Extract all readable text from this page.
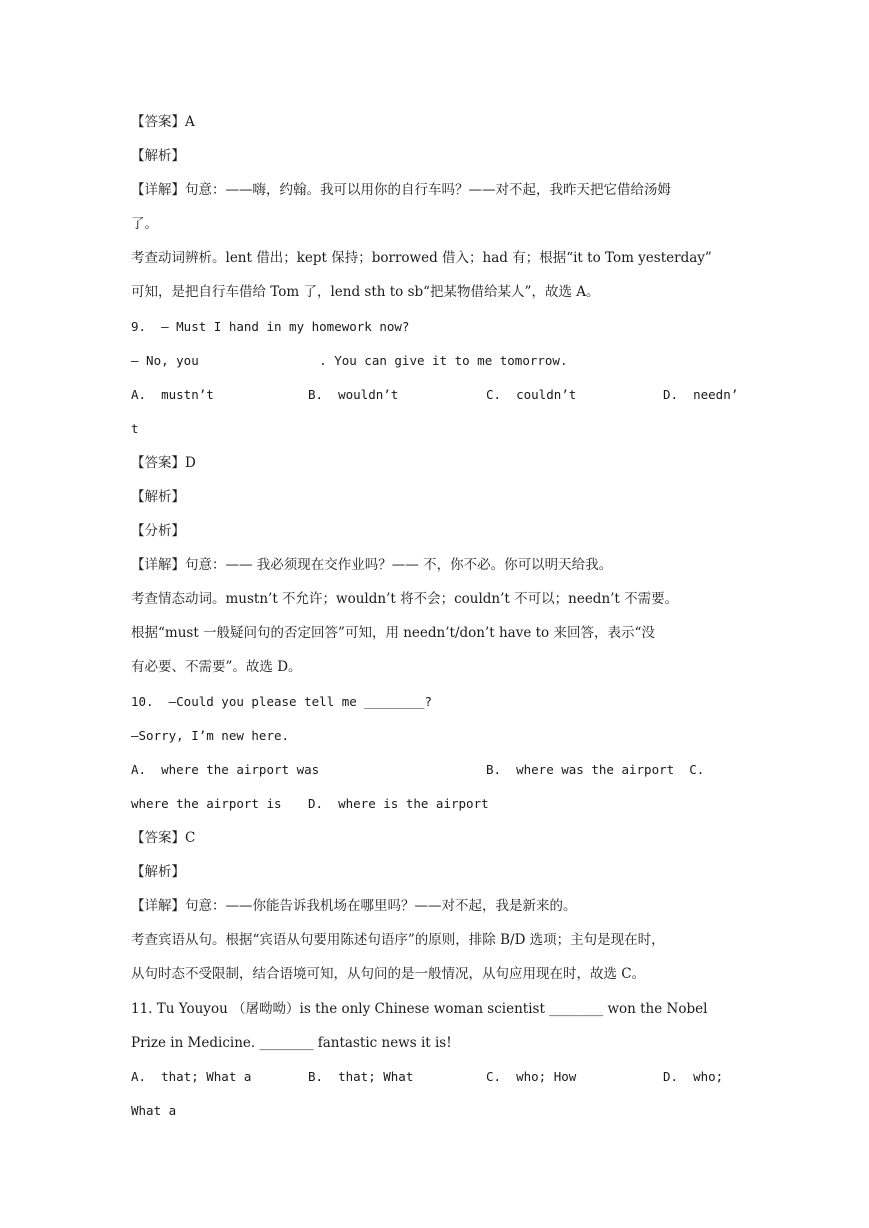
【答案】A
【解析】
【详解】句意：——嗨，约翰。我可以用你的自行车吗？——对不起，我昨天把它借给汤姆
了。
考查动词辨析。lent 借出；kept 保持；borrowed 借入；had 有；根据“it to Tom yesterday”
可知，是把自行车借给 Tom 了，lend sth to sb“把某物借给某人”，故选 A。
9.  — Must I hand in my homework now?
— No, you                . You can give it to me tomorrow.
A.  mustn’t	B.  wouldn’t	C.  couldn’t	D.  needn’
t
【答案】D
【解析】
【分析】
【详解】句意：—— 我必须现在交作业吗？—— 不，你不必。你可以明天给我。
考查情态动词。mustn’t 不允许；wouldn’t 将不会；couldn’t 不可以；needn’t 不需要。
根据“must 一般疑问句的否定回答”可知，用 needn’t/don’t have to 来回答，表示“没
有必要、不需要”。故选 D。
10.  —Could you please tell me ________?
—Sorry, I’m new here.
A.  where the airport was	B.  where was the airport  C.
where the airport is D.  where is the airport
【答案】C
【解析】
【详解】句意：——你能告诉我机场在哪里吗？——对不起，我是新来的。
考查宾语从句。根据“宾语从句要用陈述句语序”的原则，排除 B/D 选项；主句是现在时，
从句时态不受限制，结合语境可知，从句问的是一般情况，从句应用现在时，故选 C。
11. Tu Youyou （屠呦呦）is the only Chinese woman scientist ________ won the Nobel
Prize in Medicine. ________ fantastic news it is!
A.  that; What a	B.  that; What	C.  who; How	D.  who;
What a
